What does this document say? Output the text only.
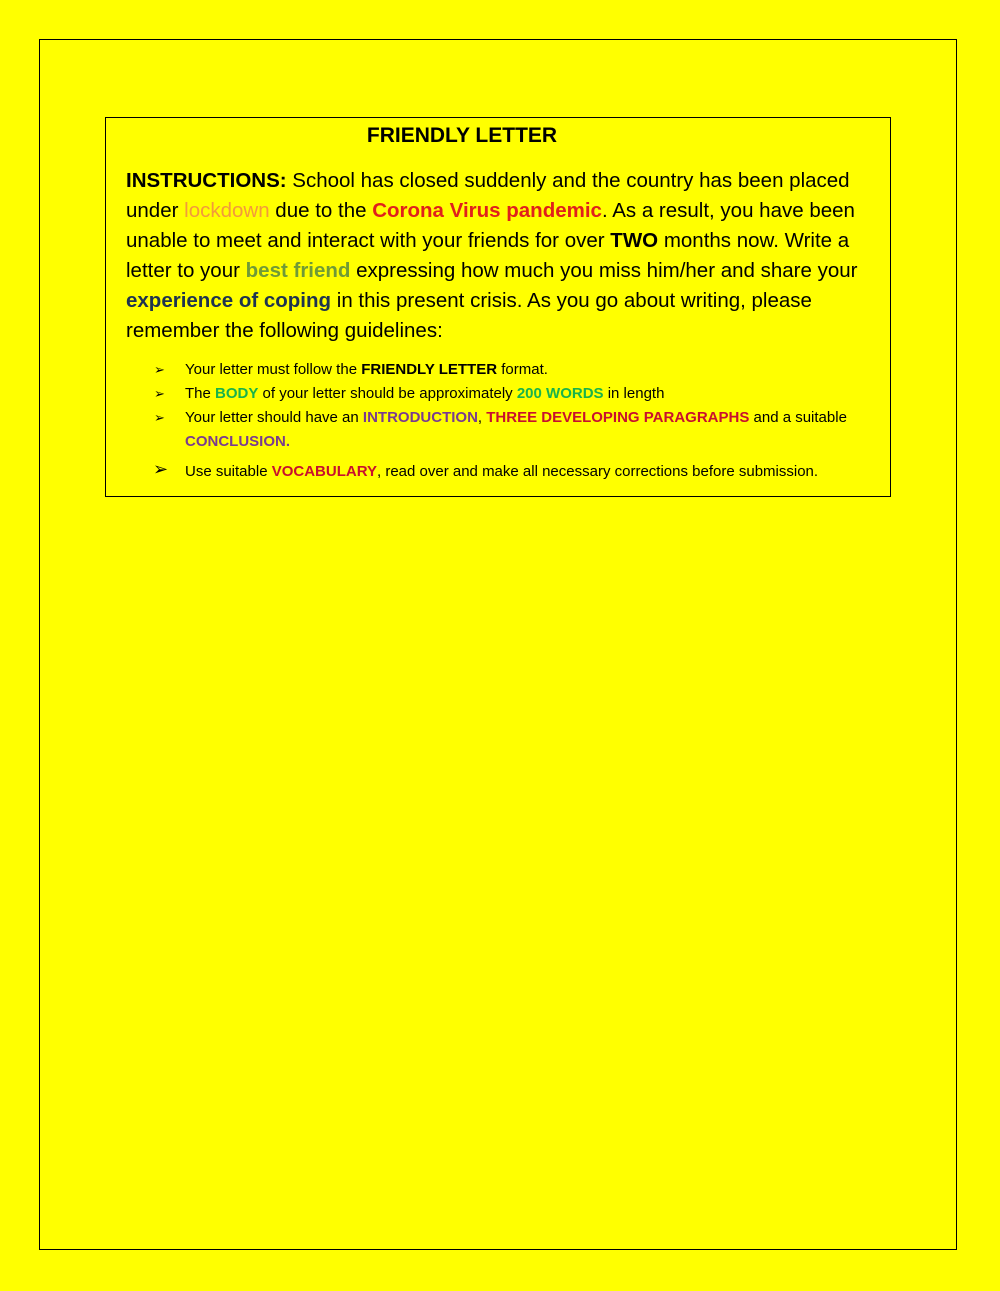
FRIENDLY LETTER

INSTRUCTIONS: School has closed suddenly and the country has been placed under lockdown due to the Corona Virus pandemic. As a result, you have been unable to meet and interact with your friends for over TWO months now. Write a letter to your best friend expressing how much you miss him/her and share your experience of coping in this present crisis. As you go about writing, please remember the following guidelines:

➢ Your letter must follow the FRIENDLY LETTER format.
➢ The BODY of your letter should be approximately 200 WORDS in length
➢ Your letter should have an INTRODUCTION, THREE DEVELOPING PARAGRAPHS and a suitable CONCLUSION.
➢ Use suitable VOCABULARY, read over and make all necessary corrections before submission.
